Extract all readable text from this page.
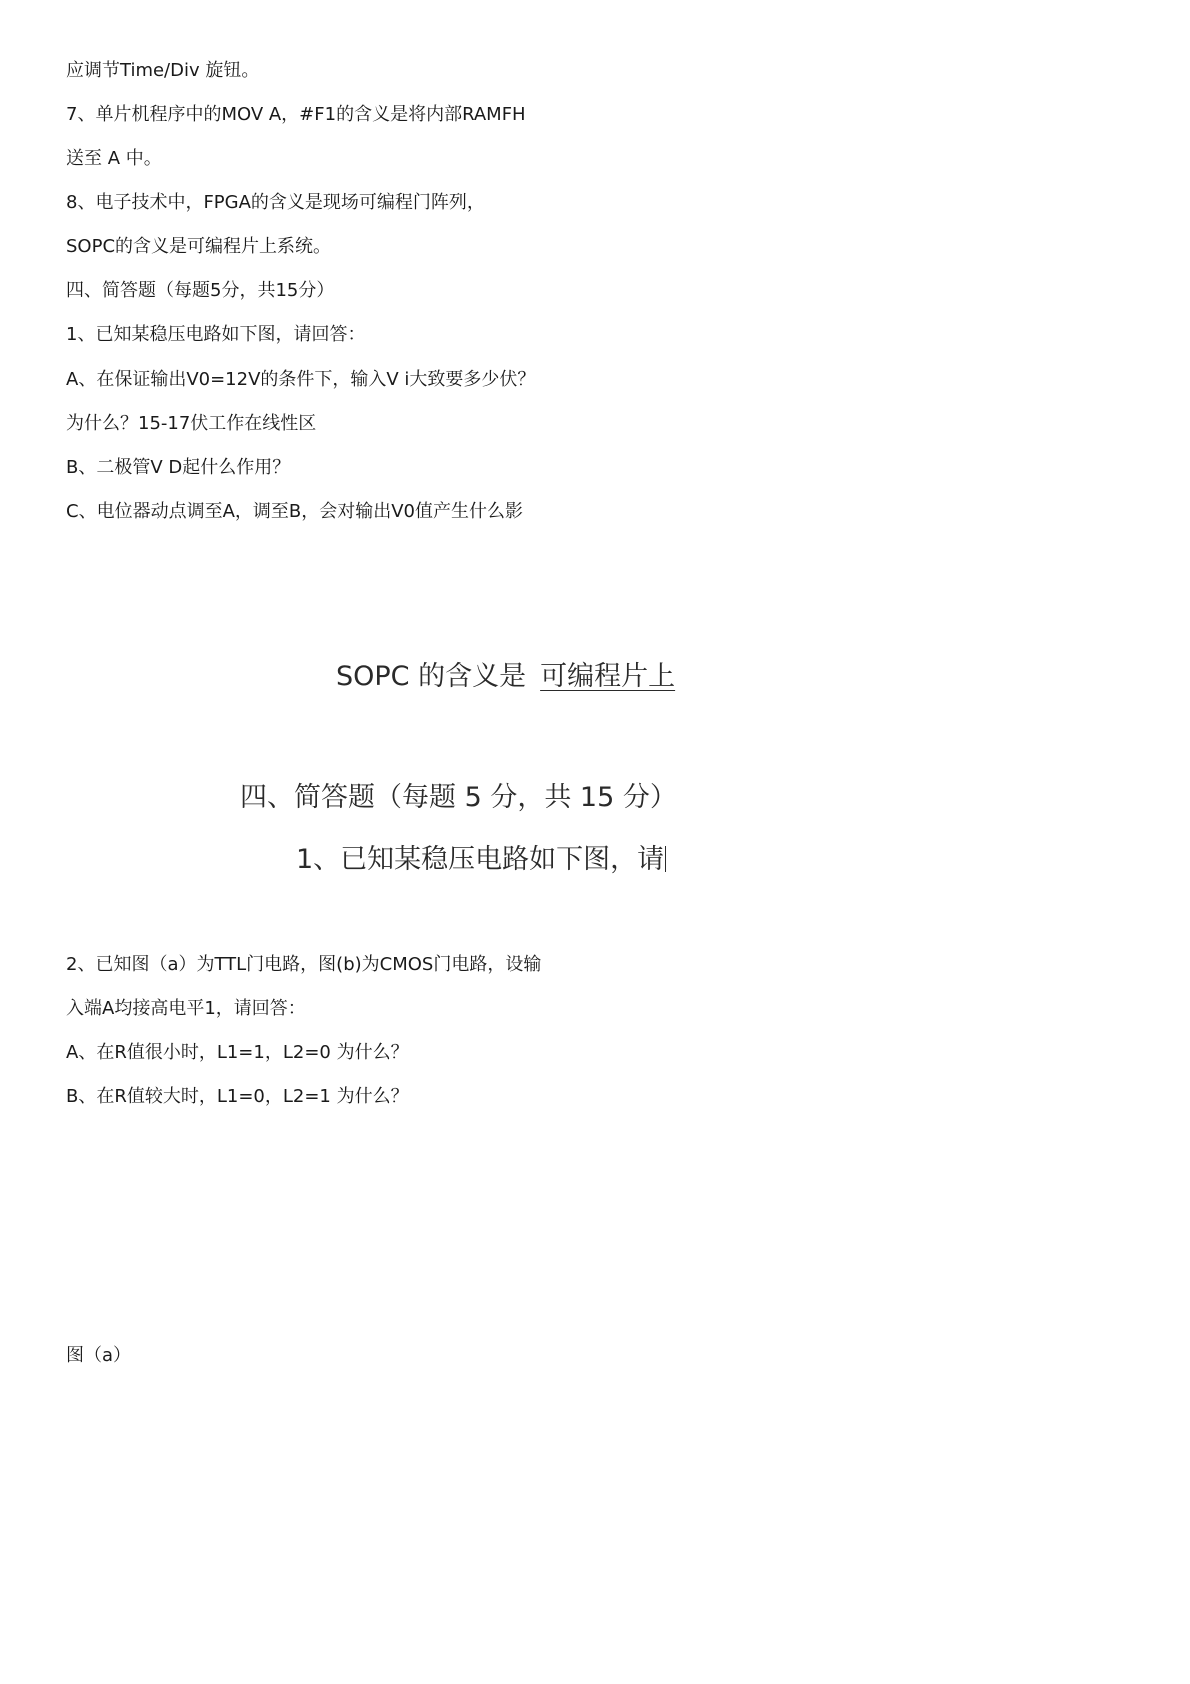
应调节Time/Div 旋钮。
7、单片机程序中的MOV A，#F1的含义是将内部RAMFH
送至 A 中。
8、电子技术中，FPGA的含义是现场可编程门阵列，
SOPC的含义是可编程片上系统。
四、简答题（每题5分，共15分）
1、已知某稳压电路如下图，请回答：
A、在保证输出V0=12V的条件下，输入V i大致要多少伏？
为什么？15-17伏工作在线性区
B、二极管V D起什么作用？
C、电位器动点调至A，调至B，会对输出V0值产生什么影
SOPC 的含义是 可编程片上
四、简答题（每题 5 分，共 15 分）
1、已知某稳压电路如下图，请
2、已知图（a）为TTL门电路，图(b)为CMOS门电路，设输
入端A均接高电平1，请回答：
A、在R值很小时，L1=1，L2=0 为什么？
B、在R值较大时，L1=0，L2=1 为什么？
图（a）
